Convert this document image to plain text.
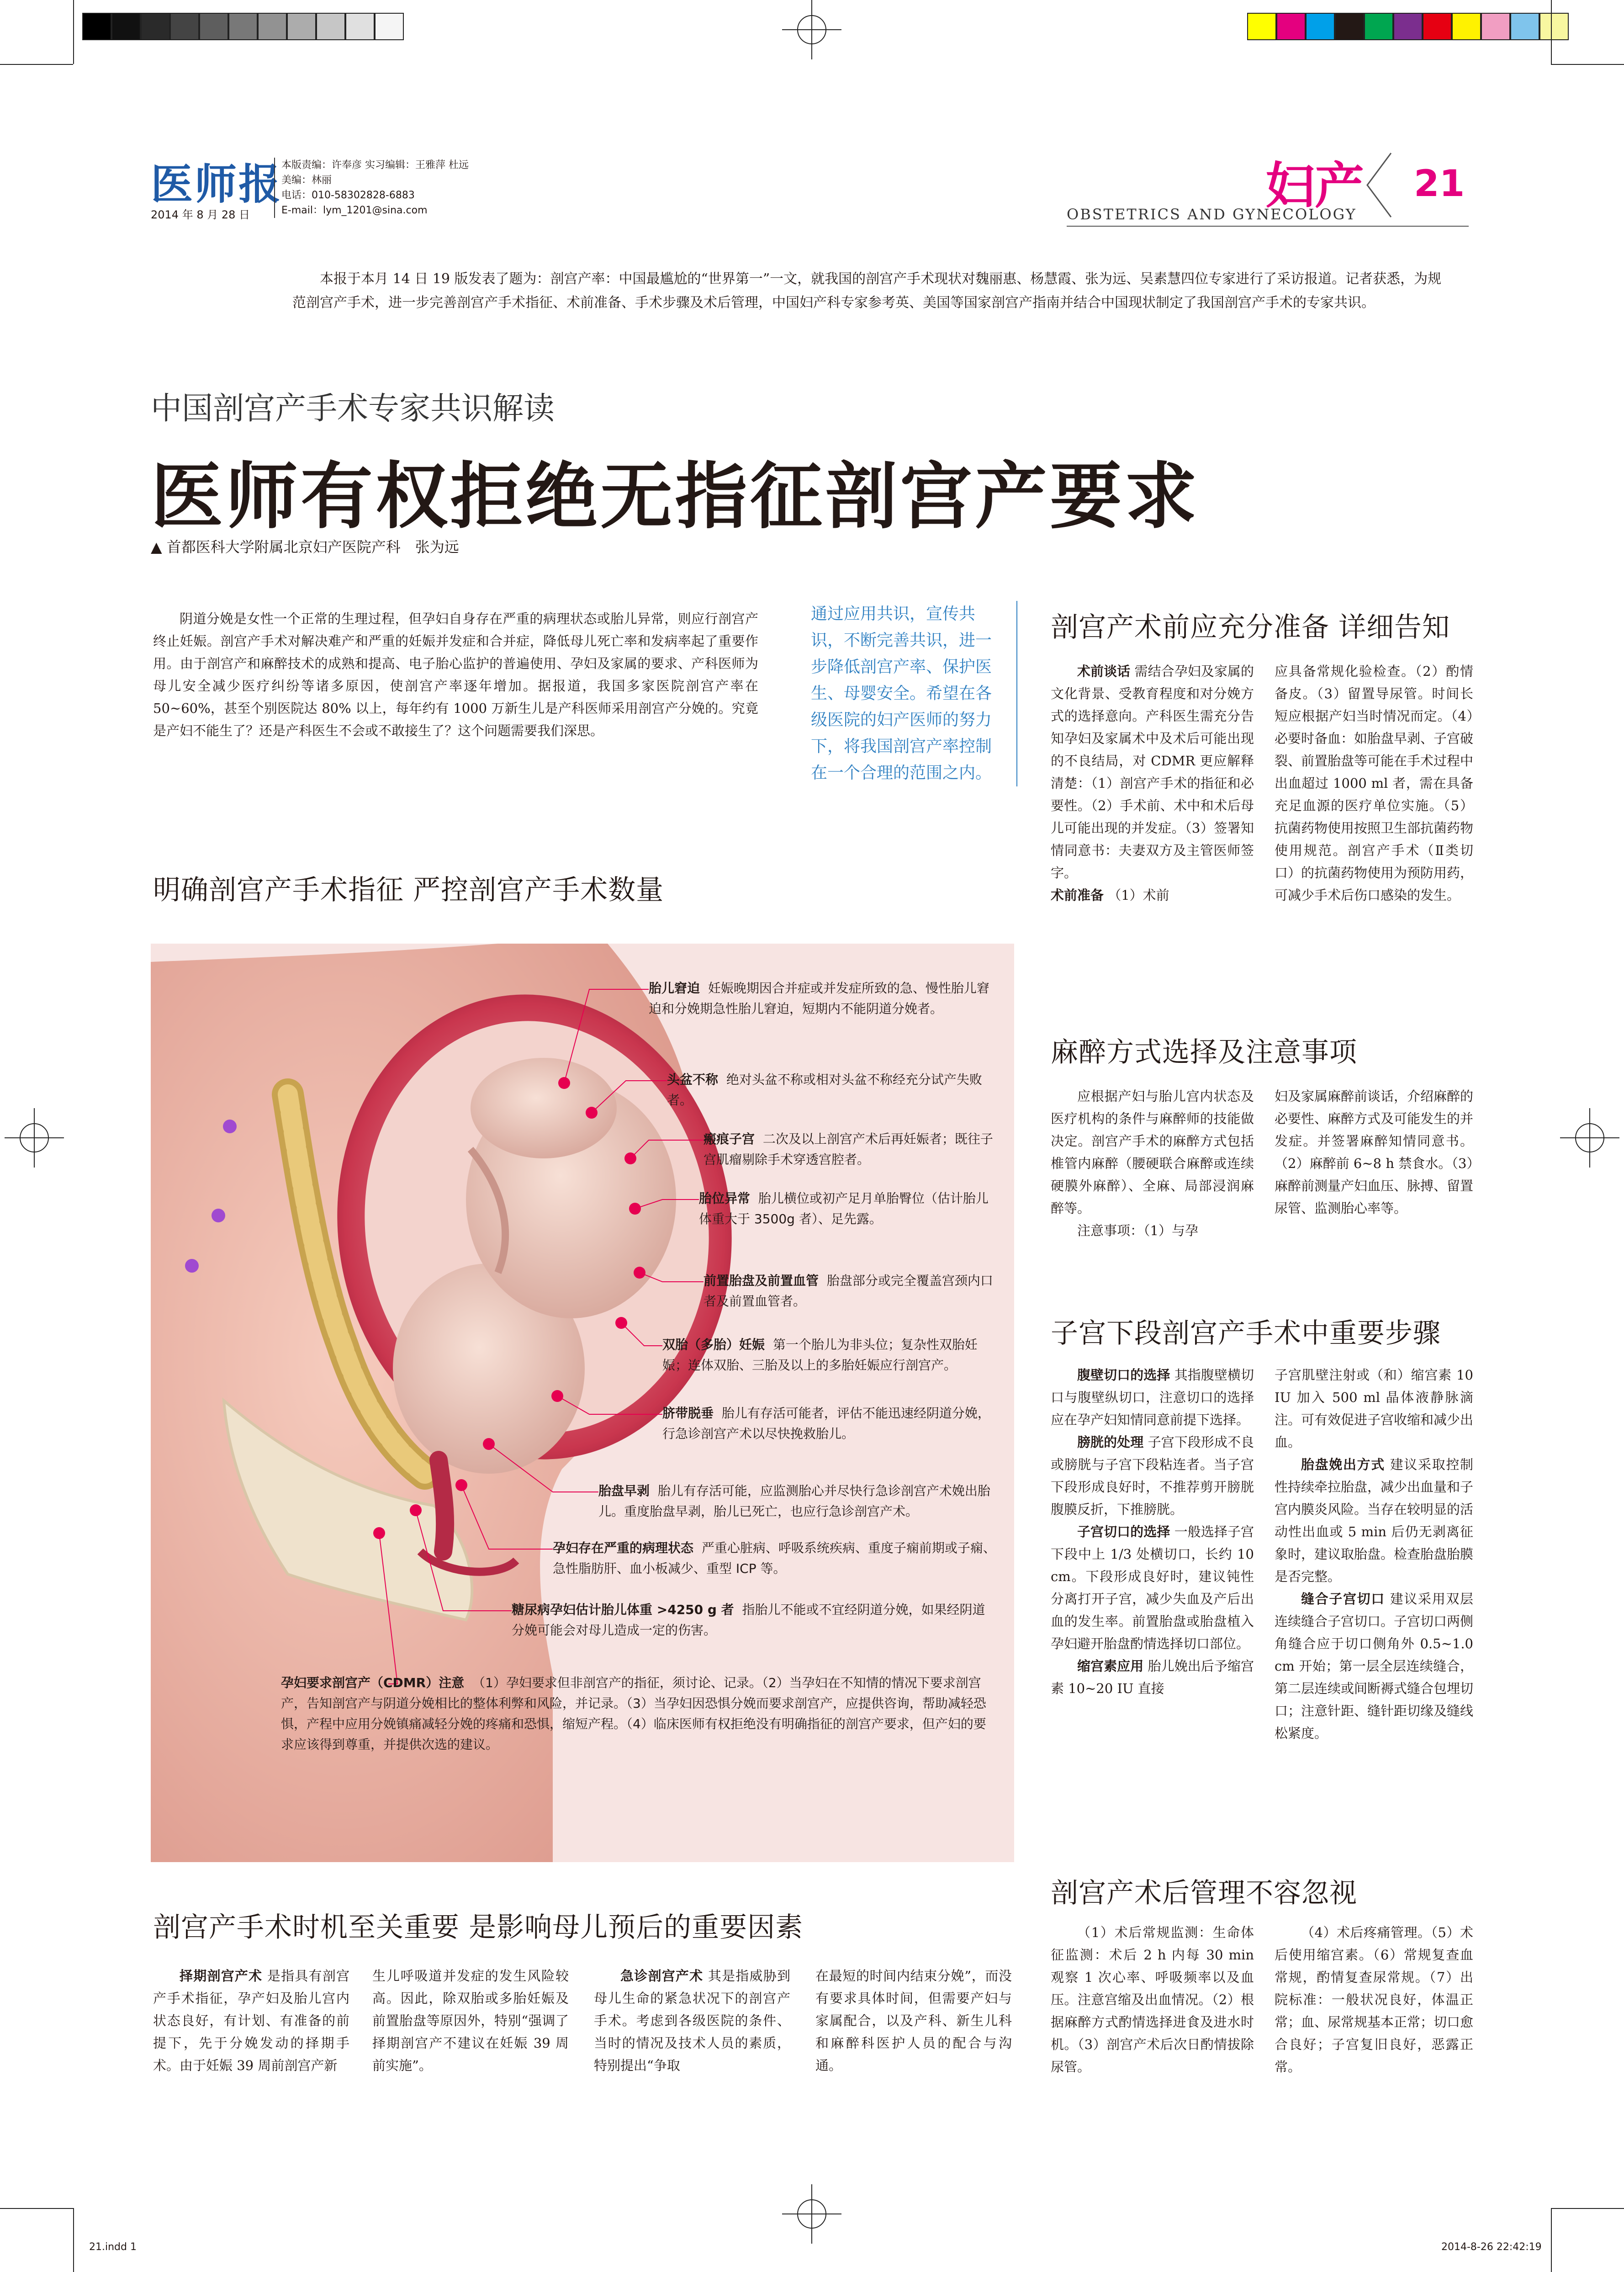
医师报
2014 年 8 月 28 日
本版责编：许奉彦 实习编辑：王雅萍 杜远
美编：林丽
电话：010-58302828-6883
E-mail：lym_1201@sina.com	妇产 21
OBSTETRICS AND GYNECOLOGY
本报于本月 14 日 19 版发表了题为：剖宫产率：中国最尴尬的“世界第一”一文，就我国的剖宫产手术现状对魏丽惠、杨慧霞、张为远、吴素慧四位专家进行了采访报道。记者获悉，为规范剖宫产手术，进一步完善剖宫产手术指征、术前准备、手术步骤及术后管理，中国妇产科专家参考英、美国等国家剖宫产指南并结合中国现状制定了我国剖宫产手术的专家共识。
中国剖宫产手术专家共识解读
医师有权拒绝无指征剖宫产要求
▲ 首都医科大学附属北京妇产医院产科　张为远
阴道分娩是女性一个正常的生理过程，但孕妇自身存在严重的病理状态或胎儿异常，则应行剖宫产终止妊娠。剖宫产手术对解决难产和严重的妊娠并发症和合并症，降低母儿死亡率和发病率起了重要作用。由于剖宫产和麻醉技术的成熟和提高、电子胎心监护的普遍使用、孕妇及家属的要求、产科医师为母儿安全减少医疗纠纷等诸多原因，使剖宫产率逐年增加。据报道，我国多家医院剖宫产率在 50~60%，甚至个别医院达 80% 以上，每年约有 1000 万新生儿是产科医师采用剖宫产分娩的。究竟是产妇不能生了？还是产科医生不会或不敢接生了？这个问题需要我们深思。
通过应用共识，宣传共识，不断完善共识，进一步降低剖宫产率、保护医生、母婴安全。希望在各级医院的妇产医师的努力下，将我国剖宫产率控制在一个合理的范围之内。
明确剖宫产手术指征 严控剖宫产手术数量
胎儿窘迫 妊娠晚期因合并症或并发症所致的急、慢性胎儿窘迫和分娩期急性胎儿窘迫，短期内不能阴道分娩者。
头盆不称 绝对头盆不称或相对头盆不称经充分试产失败者。
瘢痕子宫 二次及以上剖宫产术后再妊娠者；既往子宫肌瘤剔除手术穿透宫腔者。
胎位异常 胎儿横位或初产足月单胎臀位（估计胎儿体重大于 3500g 者）、足先露。
前置胎盘及前置血管 胎盘部分或完全覆盖宫颈内口者及前置血管者。
双胎（多胎）妊娠 第一个胎儿为非头位；复杂性双胎妊娠；连体双胎、三胎及以上的多胎妊娠应行剖宫产。
脐带脱垂 胎儿有存活可能者，评估不能迅速经阴道分娩，行急诊剖宫产术以尽快挽救胎儿。
胎盘早剥 胎儿有存活可能，应监测胎心并尽快行急诊剖宫产术娩出胎儿。重度胎盘早剥，胎儿已死亡，也应行急诊剖宫产术。
孕妇存在严重的病理状态 严重心脏病、呼吸系统疾病、重度子痫前期或子痫、急性脂肪肝、血小板减少、重型 ICP 等。
糖尿病孕妇估计胎儿体重 >4250 g 者 指胎儿不能或不宜经阴道分娩，如果经阴道分娩可能会对母儿造成一定的伤害。
孕妇要求剖宫产（CDMR）注意 （1）孕妇要求但非剖宫产的指征，须讨论、记录。（2）当孕妇在不知情的情况下要求剖宫产，告知剖宫产与阴道分娩相比的整体利弊和风险，并记录。（3）当孕妇因恐惧分娩而要求剖宫产，应提供咨询，帮助减轻恐惧，产程中应用分娩镇痛减轻分娩的疼痛和恐惧，缩短产程。（4）临床医师有权拒绝没有明确指征的剖宫产要求，但产妇的要求应该得到尊重，并提供次选的建议。
剖宫产手术时机至关重要 是影响母儿预后的重要因素
择期剖宫产术 是指具有剖宫产手术指征，孕产妇及胎儿宫内状态良好，有计划、有准备的前提下，先于分娩发动的择期手术。由于妊娠 39 周前剖宫产新
生儿呼吸道并发症的发生风险较高。因此，除双胎或多胎妊娠及前置胎盘等原因外，特别“强调了择期剖宫产不建议在妊娠 39 周前实施”。
急诊剖宫产术 其是指威胁到母儿生命的紧急状况下的剖宫产手术。考虑到各级医院的条件、当时的情况及技术人员的素质，特别提出“争取
在最短的时间内结束分娩”，而没有要求具体时间，但需要产妇与家属配合，以及产科、新生儿科和麻醉科医护人员的配合与沟通。
剖宫产术前应充分准备 详细告知
术前谈话 需结合孕妇及家属的文化背景、受教育程度和对分娩方式的选择意向。产科医生需充分告知孕妇及家属术中及术后可能出现的不良结局，对 CDMR 更应解释清楚：（1）剖宫产手术的指征和必要性。（2）手术前、术中和术后母儿可能出现的并发症。（3）签署知情同意书：夫妻双方及主管医师签字。
术前准备 （1）术前
应具备常规化验检查。（2）酌情备皮。（3）留置导尿管。时间长短应根据产妇当时情况而定。（4）必要时备血：如胎盘早剥、子宫破裂、前置胎盘等可能在手术过程中出血超过 1000 ml 者，需在具备充足血源的医疗单位实施。（5）抗菌药物使用按照卫生部抗菌药物使用规范。剖宫产手术（Ⅱ类切口）的抗菌药物使用为预防用药，可减少手术后伤口感染的发生。
麻醉方式选择及注意事项
应根据产妇与胎儿宫内状态及医疗机构的条件与麻醉师的技能做决定。剖宫产手术的麻醉方式包括椎管内麻醉（腰硬联合麻醉或连续硬膜外麻醉）、全麻、局部浸润麻醉等。
注意事项：（1）与孕
妇及家属麻醉前谈话，介绍麻醉的必要性、麻醉方式及可能发生的并发症。并签署麻醉知情同意书。（2）麻醉前 6~8 h 禁食水。（3）麻醉前测量产妇血压、脉搏、留置尿管、监测胎心率等。
子宫下段剖宫产手术中重要步骤
腹壁切口的选择 其指腹壁横切口与腹壁纵切口，注意切口的选择应在孕产妇知情同意前提下选择。
膀胱的处理 子宫下段形成不良或膀胱与子宫下段粘连者。当子宫下段形成良好时，不推荐剪开膀胱腹膜反折，下推膀胱。
子宫切口的选择 一般选择子宫下段中上 1/3 处横切口，长约 10 cm。下段形成良好时，建议钝性分离打开子宫，减少失血及产后出血的发生率。前置胎盘或胎盘植入孕妇避开胎盘酌情选择切口部位。
缩宫素应用 胎儿娩出后予缩宫素 10~20 IU 直接
子宫肌壁注射或（和）缩宫素 10 IU 加入 500 ml 晶体液静脉滴注。可有效促进子宫收缩和减少出血。
胎盘娩出方式 建议采取控制性持续牵拉胎盘，减少出血量和子宫内膜炎风险。当存在较明显的活动性出血或 5 min 后仍无剥离征象时，建议取胎盘。检查胎盘胎膜是否完整。
缝合子宫切口 建议采用双层连续缝合子宫切口。子宫切口两侧角缝合应于切口侧角外 0.5~1.0 cm 开始；第一层全层连续缝合，第二层连续或间断褥式缝合包埋切口；注意针距、缝针距切缘及缝线松紧度。
剖宫产术后管理不容忽视
（1）术后常规监测：生命体征监测：术后 2 h 内每 30 min 观察 1 次心率、呼吸频率以及血压。注意宫缩及出血情况。（2）根据麻醉方式酌情选择进食及进水时机。（3）剖宫产术后次日酌情拔除尿管。
（4）术后疼痛管理。（5）术后使用缩宫素。（6）常规复查血常规，酌情复查尿常规。（7）出院标准：一般状况良好，体温正常；血、尿常规基本正常；切口愈合良好；子宫复旧良好，恶露正常。
21.indd 1	2014-8-26 22:42:19
